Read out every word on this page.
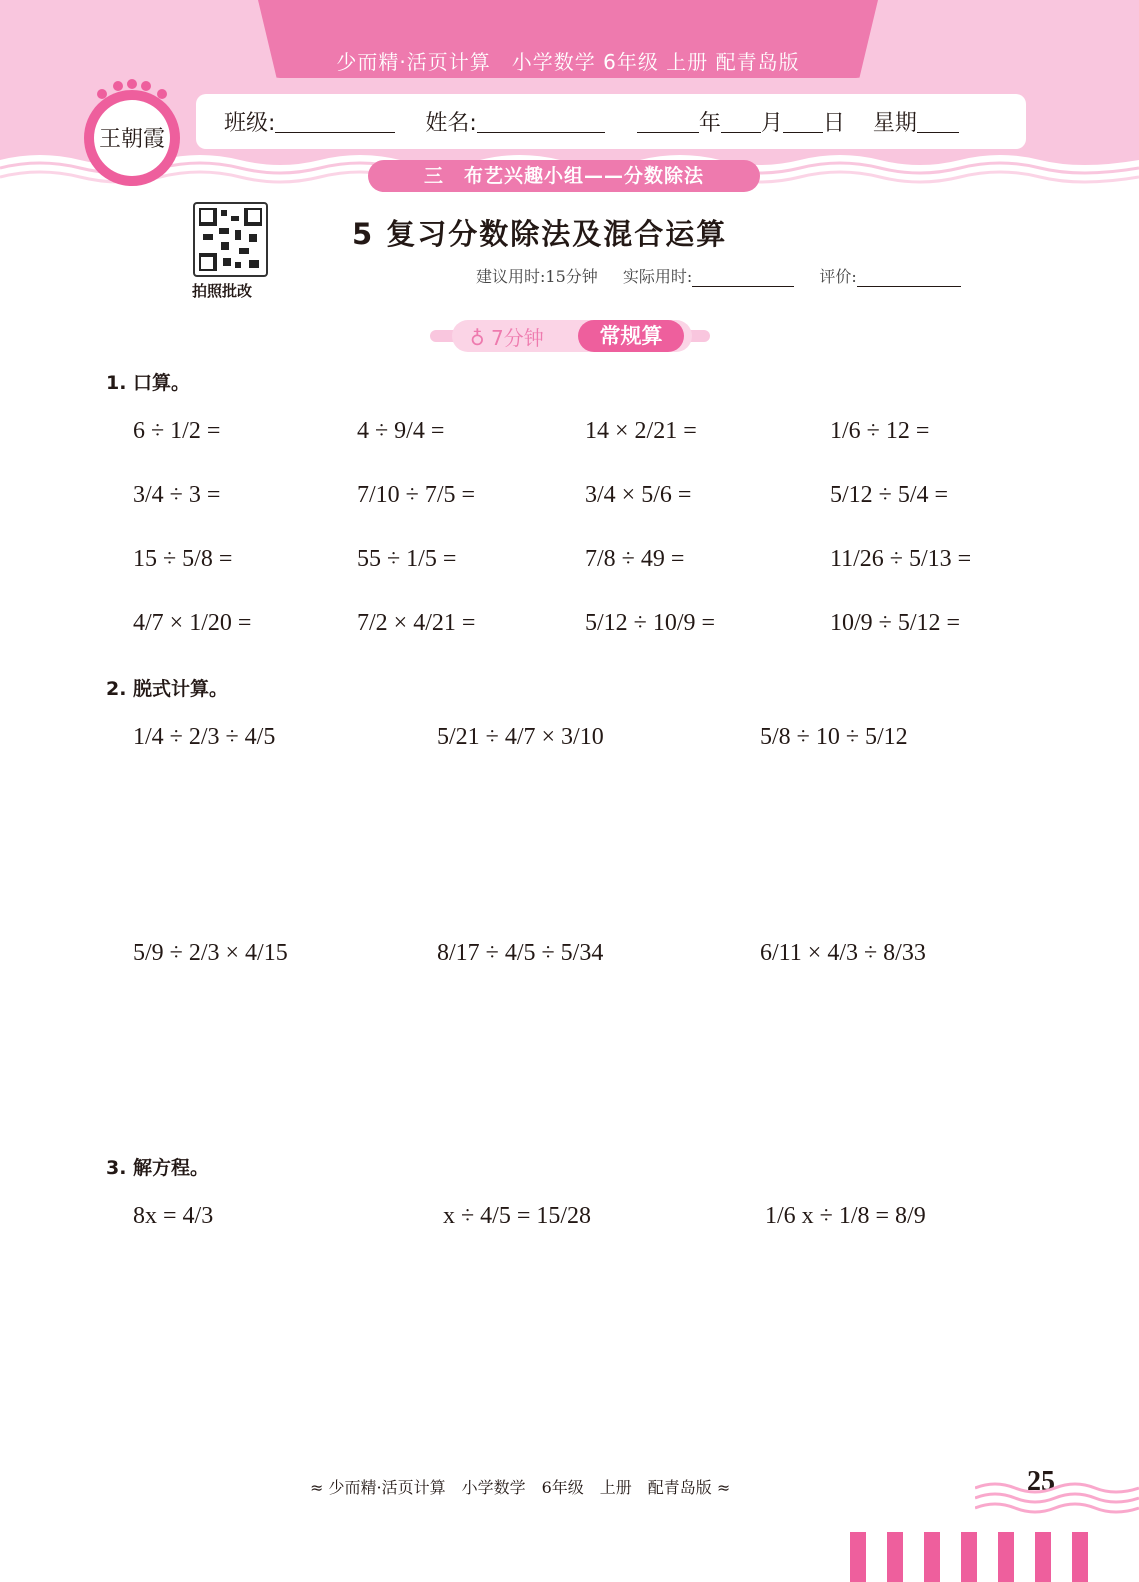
少而精·活页计算　小学数学 6年级 上册 配青岛版
班级:	姓名:	年 月 日 星期
王朝霞
三　布艺兴趣小组——分数除法
拍照批改
5 复习分数除法及混合运算
建议用时:15分钟 实际用时:	评价:
♁ 7分钟	常规算
1. 口算。
2. 脱式计算。
3. 解方程。
6 ÷ 1/2 =	4 ÷ 9/4 =	14 × 2/21 =	1/6 ÷ 12 =
3/4 ÷ 3 =	7/10 ÷ 7/5 =	3/4 × 5/6 =	5/12 ÷ 5/4 =
15 ÷ 5/8 =	55 ÷ 1/5 =	7/8 ÷ 49 =	11/26 ÷ 5/13 =
4/7 × 1/20 =	7/2 × 4/21 =	5/12 ÷ 10/9 =	10/9 ÷ 5/12 =
1/4 ÷ 2/3 ÷ 4/5	5/21 ÷ 4/7 × 3/10	5/8 ÷ 10 ÷ 5/12
5/9 ÷ 2/3 × 4/15	8/17 ÷ 4/5 ÷ 5/34	6/11 × 4/3 ÷ 8/33
8x = 4/3	x ÷ 4/5 = 15/28	1/6 x ÷ 1/8 = 8/9
≈ 少而精·活页计算　小学数学　6年级　上册　配青岛版 ≈	25
